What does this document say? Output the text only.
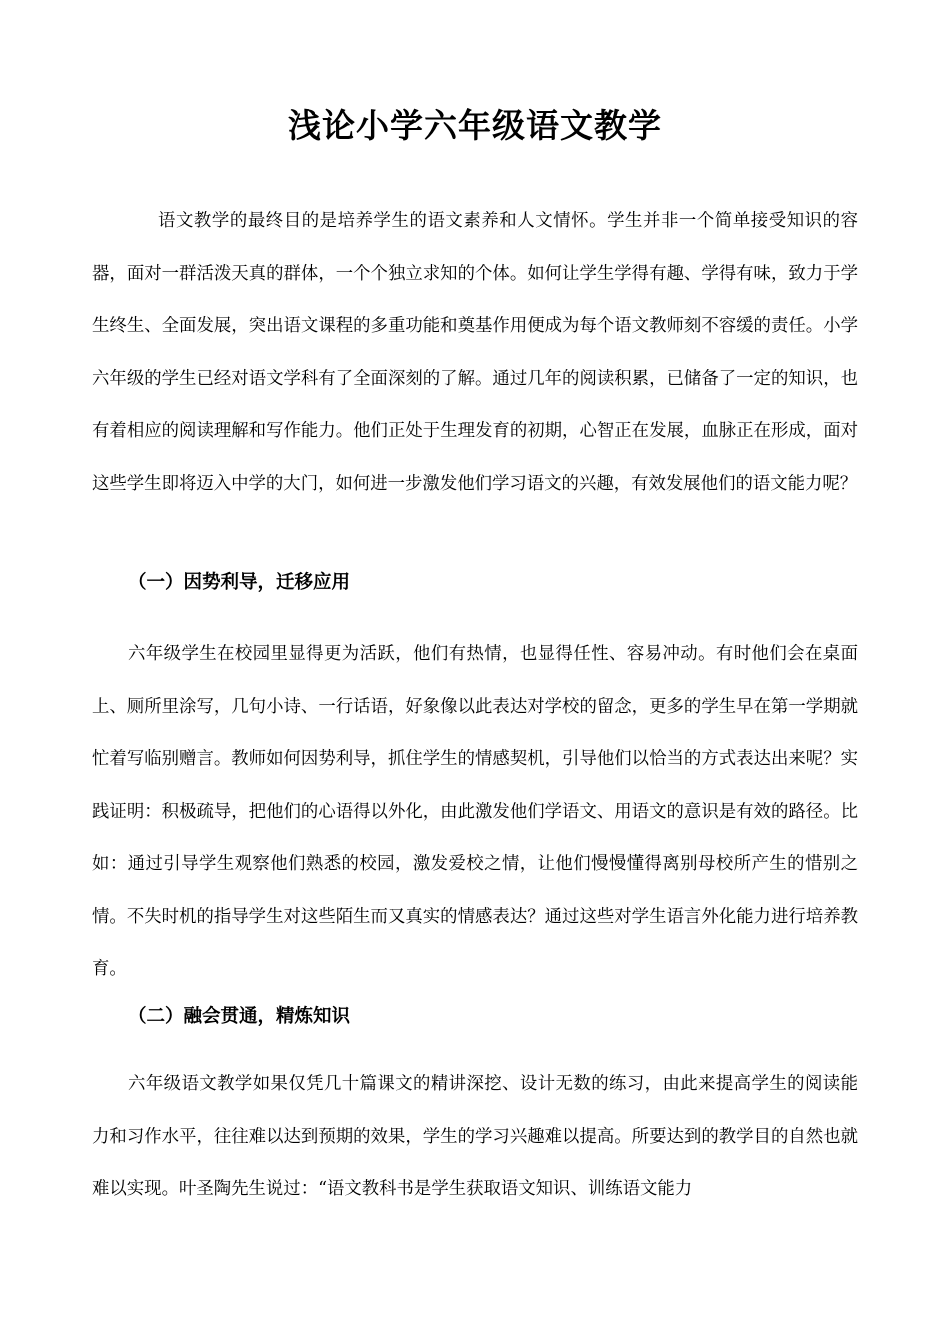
浅论小学六年级语文教学

语文教学的最终目的是培养学生的语文素养和人文情怀。学生并非一个简单接受知识的容器，面对一群活泼天真的群体，一个个独立求知的个体。如何让学生学得有趣、学得有味，致力于学生终生、全面发展，突出语文课程的多重功能和奠基作用便成为每个语文教师刻不容缓的责任。小学六年级的学生已经对语文学科有了全面深刻的了解。通过几年的阅读积累，已储备了一定的知识，也有着相应的阅读理解和写作能力。他们正处于生理发育的初期，心智正在发展，血脉正在形成，面对这些学生即将迈入中学的大门，如何进一步激发他们学习语文的兴趣，有效发展他们的语文能力呢？

（一）因势利导，迁移应用

六年级学生在校园里显得更为活跃，他们有热情，也显得任性、容易冲动。有时他们会在桌面上、厕所里涂写，几句小诗、一行话语，好象像以此表达对学校的留念，更多的学生早在第一学期就忙着写临别赠言。教师如何因势利导，抓住学生的情感契机，引导他们以恰当的方式表达出来呢？实践证明：积极疏导，把他们的心语得以外化，由此激发他们学语文、用语文的意识是有效的路径。比如：通过引导学生观察他们熟悉的校园，激发爱校之情，让他们慢慢懂得离别母校所产生的惜别之情。不失时机的指导学生对这些陌生而又真实的情感表达？通过这些对学生语言外化能力进行培养教育。

（二）融会贯通，精炼知识

六年级语文教学如果仅凭几十篇课文的精讲深挖、设计无数的练习，由此来提高学生的阅读能力和习作水平，往往难以达到预期的效果，学生的学习兴趣难以提高。所要达到的教学目的自然也就难以实现。叶圣陶先生说过：“语文教科书是学生获取语文知识、训练语文能力
